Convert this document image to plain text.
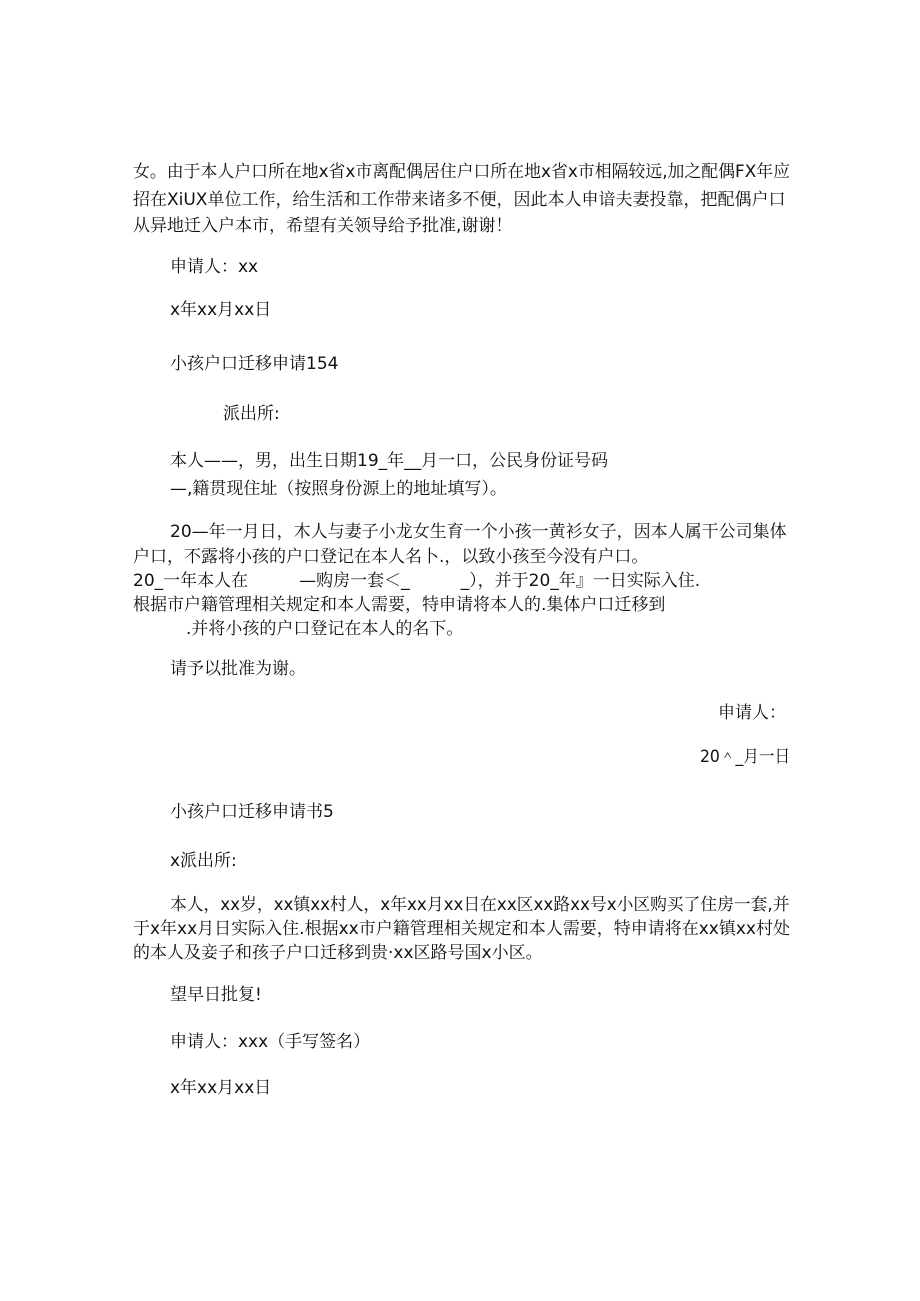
女。由于本人户口所在地x省x市离配偶居住户口所在地x省x市相隔较远,加之配偶FX年应
招在XiUX单位工作，给生活和工作带来诸多不便，因此本人申谙夫妻投靠，把配偶户口
从异地迁入户本市，希望有关领导给予批准,谢谢！
申请人：xx
x年xx月xx日
小孩户口迁移申请154
派出所:
本人——，男，出生日期19_年__月一口，公民身份证号码
—,籍贯现住址（按照身份源上的地址填写）。
20—年一月日，木人与妻子小龙女生育一个小孩一黄衫女子，因本人属干公司集体
户口，不露将小孩的户口登记在本人名卜.，以致小孩至今没有户口。
20_一年本人在　　　—购房一套＜_　　　_），并于20_年』一日实际入住.
根据市户籍管理相关规定和本人需要，特申请将本人的.集体户口迁移到
.并将小孩的户口登记在本人的名下。
请予以批准为谢。
申请人：
20＾_月一日
小孩户口迁移申请书5
x派出所:
本人，xx岁，xx镇xx村人，x年xx月xx日在xx区xx路xx号x小区购买了住房一套,并
于x年xx月日实际入住.根据xx市户籍管理相关规定和本人需要，特申请将在xx镇xx村处
的本人及妾子和孩子户口迁移到贵·xx区路号国x小区。
望早日批复!
申请人：xxx（手写签名）
x年xx月xx日
